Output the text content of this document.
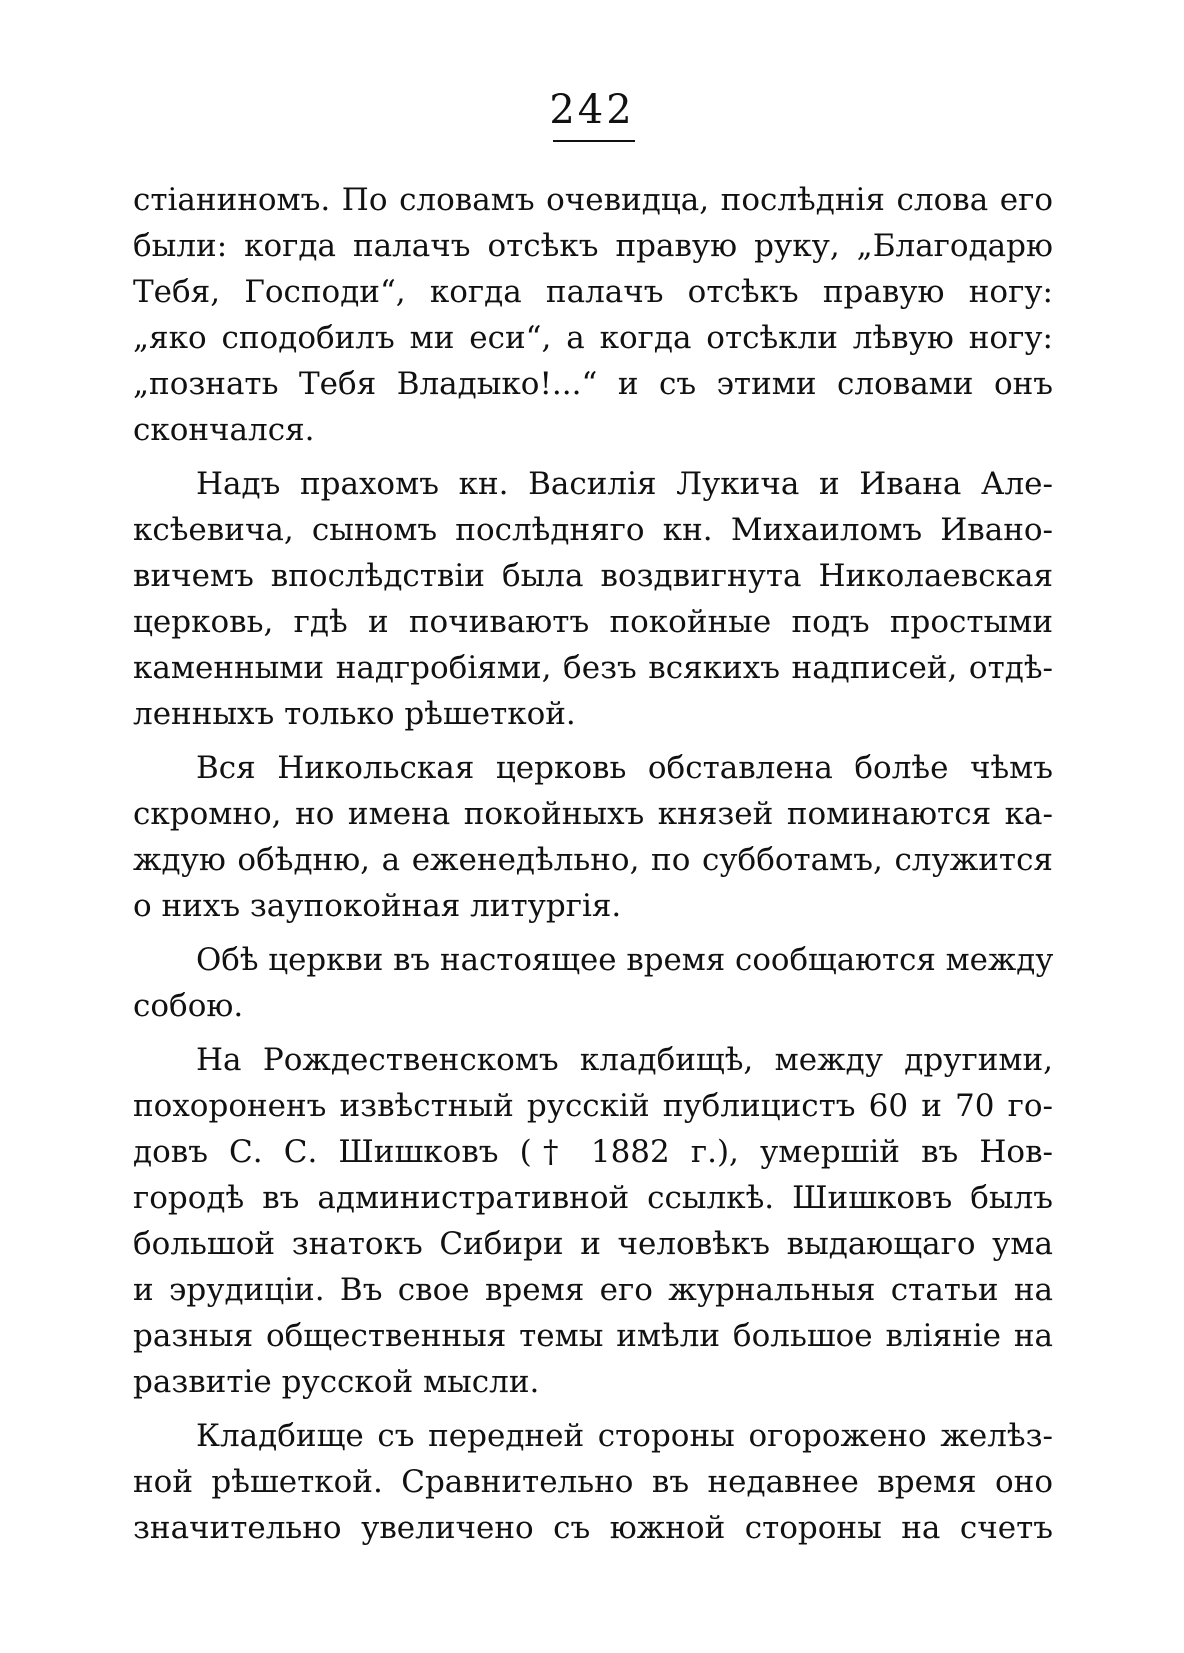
242
стіаниномъ. По словамъ очевидца, послѣднія слова его
были: когда палачъ отсѣкъ правую руку, „Благодарю
Тебя, Господи“, когда палачъ отсѣкъ правую ногу:
„яко сподобилъ ми еси“, а когда отсѣкли лѣвую ногу:
„познать Тебя Владыко!...“ и съ этими словами онъ
скончался.
Надъ прахомъ кн. Василія Лукича и Ивана Але-
ксѣевича, сыномъ послѣдняго кн. Михаиломъ Ивано-
вичемъ впослѣдствіи была воздвигнута Николаевская
церковь, гдѣ и почиваютъ покойные подъ простыми
каменными надгробіями, безъ всякихъ надписей, отдѣ-
ленныхъ только рѣшеткой.
Вся Никольская церковь обставлена болѣе чѣмъ
скромно, но имена покойныхъ князей поминаются ка-
ждую обѣдню, а еженедѣльно, по субботамъ, служится
о нихъ заупокойная литургія.
Обѣ церкви въ настоящее время сообщаются между
собою.
На Рождественскомъ кладбищѣ, между другими,
похороненъ извѣстный русскій публицистъ 60 и 70 го-
довъ С. С. Шишковъ († 1882 г.), умершій въ Нов-
городѣ въ административной ссылкѣ. Шишковъ былъ
большой знатокъ Сибири и человѣкъ выдающаго ума
и эрудиціи. Въ свое время его журнальныя статьи на
разныя общественныя темы имѣли большое вліяніе на
развитіе русской мысли.
Кладбище съ передней стороны огорожено желѣз-
ной рѣшеткой. Сравнительно въ недавнее время оно
значительно увеличено съ южной стороны на счетъ
